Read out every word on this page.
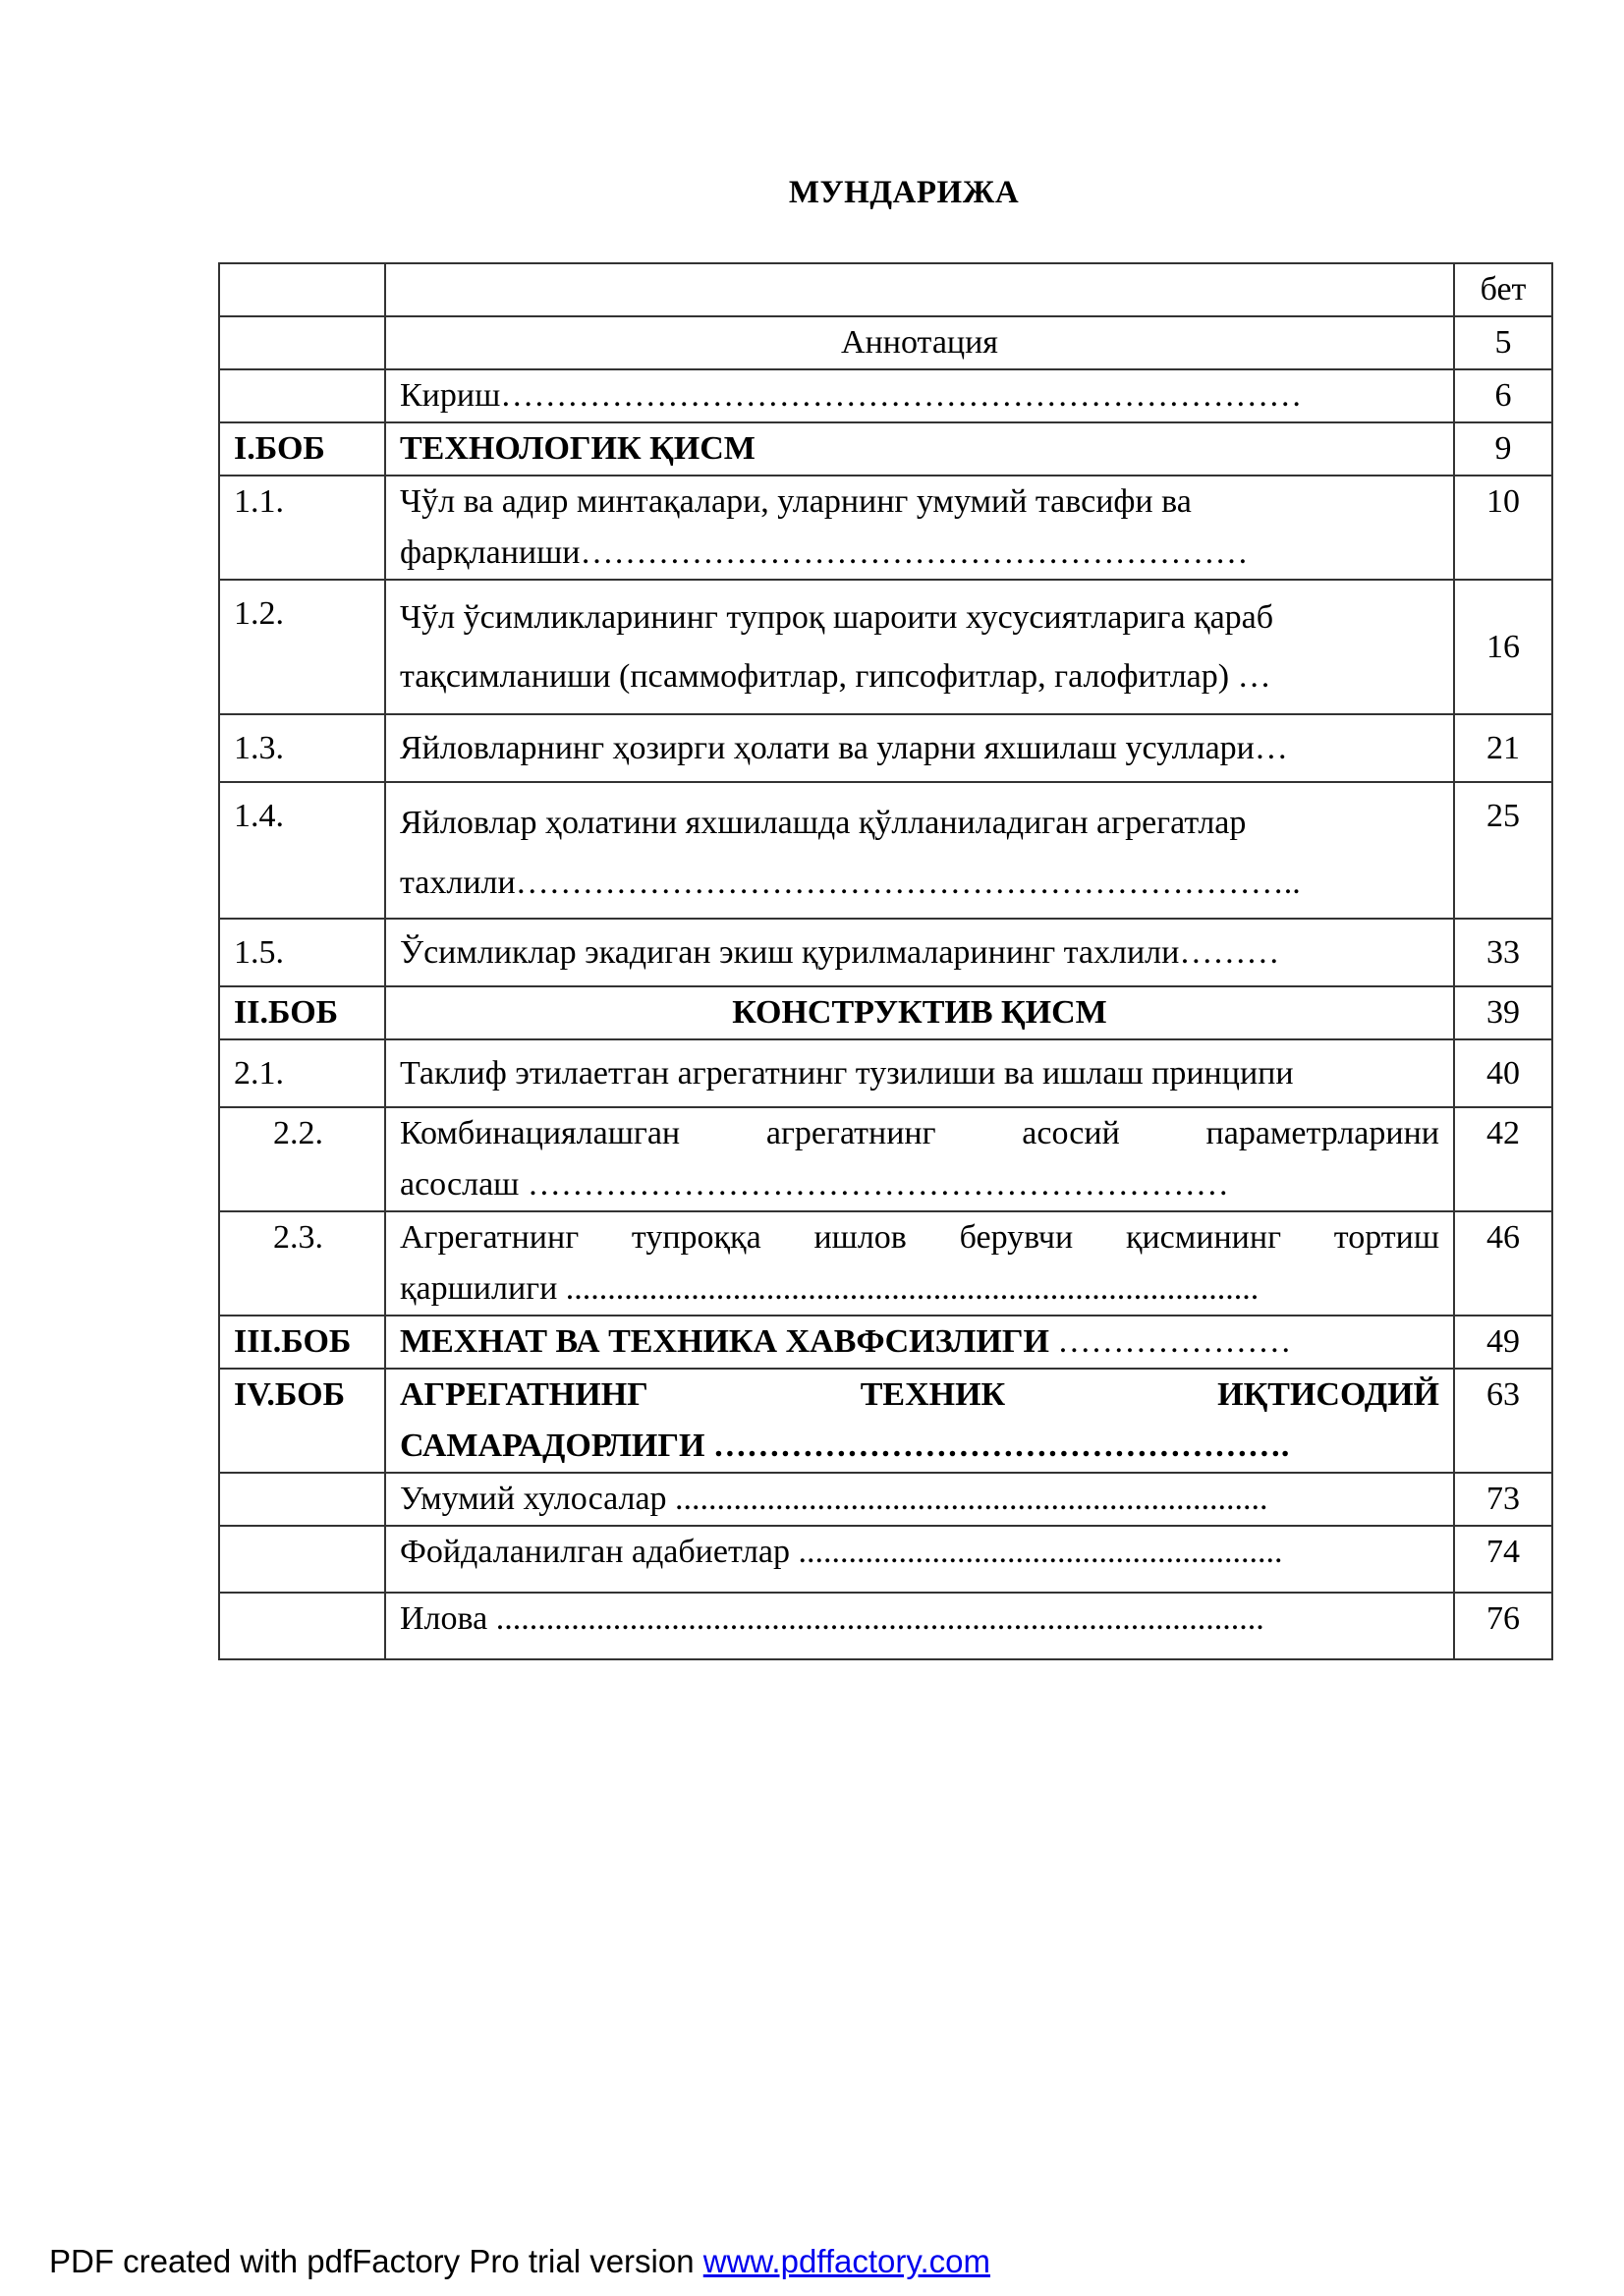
МУНДАРИЖА
		бет
	Аннотация	5
	Кириш………………………………………………………………	6
I.БОБ	ТЕХНОЛОГИК ҚИСМ	9
1.1.	Чўл ва адир минтақалари, уларнинг умумий тавсифи ва
фарқланиши……………………………………………………	10
1.2.	Чўл ўсимликларининг тупроқ шароити хусусиятларига қараб
тақсимланиши (псаммофитлар, гипсофитлар, галофитлар) …	16
1.3.	Яйловларнинг ҳозирги ҳолати ва уларни яхшилаш усуллари…	21
1.4.	Яйловлар ҳолатини яхшилашда қўлланиладиган агрегатлар
тахлили……………………………………………………………..	25
1.5.	Ўсимликлар экадиган экиш қурилмаларининг тахлили………	33
II.БОБ	КОНСТРУКТИВ ҚИСМ	39
2.1.	Таклиф этилаетган агрегатнинг тузилиши ва ишлаш принципи	40
2.2.	Комбинациялашган агрегатнинг асосий параметрларини
асослаш ………………………………………………………	42
2.3.	Агрегатнинг тупроққа ишлов берувчи қисмининг тортиш
қаршилиги ...................................................................................	46
III.БОБ	МЕХНАТ ВА ТЕХНИКА ХАВФСИЗЛИГИ …………………	49
IV.БОБ	АГРЕГАТНИНГ ТЕХНИК ИҚТИСОДИЙ
САМАРАДОРЛИГИ …………………………………………….	63
	Умумий хулосалар .......................................................................	73
	Фойдаланилган адабиетлар ..........................................................	74
	Илова ............................................................................................	76
PDF created with pdfFactory Pro trial version www.pdffactory.com
